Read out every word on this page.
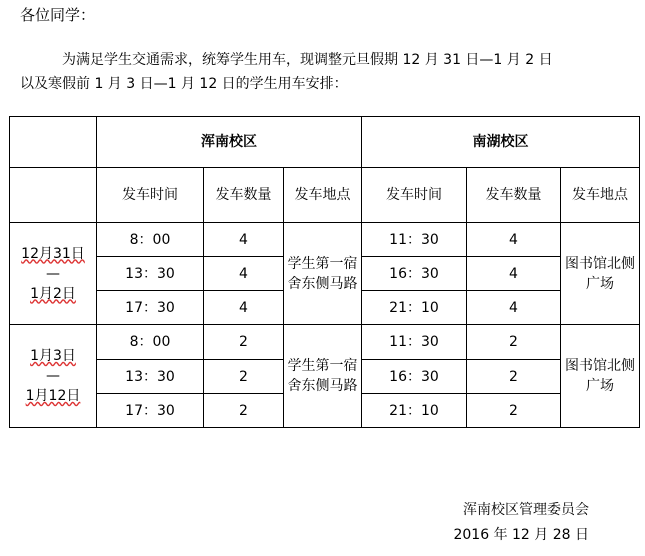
各位同学：
为满足学生交通需求，统筹学生用车，现调整元旦假期 12 月 31 日—1 月 2 日
以及寒假前 1 月 3 日—1 月 12 日的学生用车安排：
	浑南校区			南湖校区		
	发车时间	发车数量	发车地点	发车时间	发车数量	发车地点

12月31日
—
1月2日	8：00	4	学生第一宿舍东侧马路	11：30	4	图书馆北侧广场
	13：30	4		16：30	4	
	17：30	4		21：10	4	

1月3日
—
1月12日	8：00	2	学生第一宿舍东侧马路	11：30	2	图书馆北侧广场
	13：30	2		16：30	2	
	17：30	2		21：10	2	
浑南校区管理委员会
2016 年 12 月 28 日
